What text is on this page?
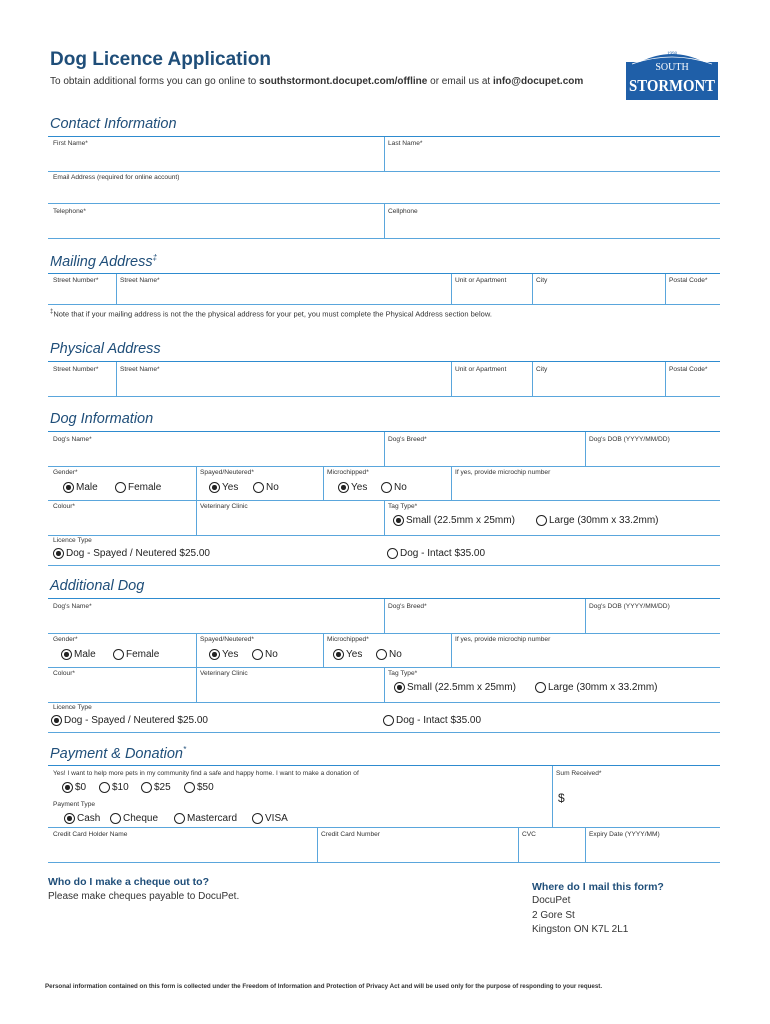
Dog Licence Application
To obtain additional forms you can go online to southstormont.docupet.com/offline or email us at info@docupet.com
1998
SOUTH
STORMONT
Contact Information
First Name*	Last Name*
Email Address (required for online account)
Telephone*	Cellphone
Mailing Address‡
Street Number*	Street Name*	Unit or Apartment	City	Postal Code*
‡Note that if your mailing address is not the the physical address for your pet, you must complete the Physical Address section below.
Physical Address
Street Number*	Street Name*	Unit or Apartment	City	Postal Code*
Dog Information
Dog's Name*	Dog's Breed*	Dog's DOB (YYYY/MM/DD)
Gender*
Male	Female
Spayed/Neutered*
Yes	No
Microchipped*
Yes	No
If yes, provide microchip number
Colour*	Veterinary Clinic	Tag Type*
Small (22.5mm x 25mm)	Large (30mm x 33.2mm)
Licence Type
Dog - Spayed / Neutered $25.00	Dog - Intact $35.00
Additional Dog
Dog's Name*	Dog's Breed*	Dog's DOB (YYYY/MM/DD)
Gender*
Male	Female
Spayed/Neutered*
Yes	No
Microchipped*
Yes	No
If yes, provide microchip number
Colour*	Veterinary Clinic	Tag Type*
Small (22.5mm x 25mm)	Large (30mm x 33.2mm)
Licence Type
Dog - Spayed / Neutered $25.00	Dog - Intact $35.00
Payment & Donation*
Yes! I want to help more pets in my community find a safe and happy home. I want to make a donation of	Sum Received*
$
$0	$10	$25	$50
Payment Type
Cash Cheque	Mastercard	VISA
Credit Card Holder Name	Credit Card Number	CVC	Expiry Date (YYYY/MM)
Who do I make a cheque out to?
Please make cheques payable to DocuPet.
Where do I mail this form?
DocuPet
2 Gore St
Kingston ON K7L 2L1
Personal information contained on this form is collected under the Freedom of Information and Protection of Privacy Act and will be used only for the purpose of responding to your request.
